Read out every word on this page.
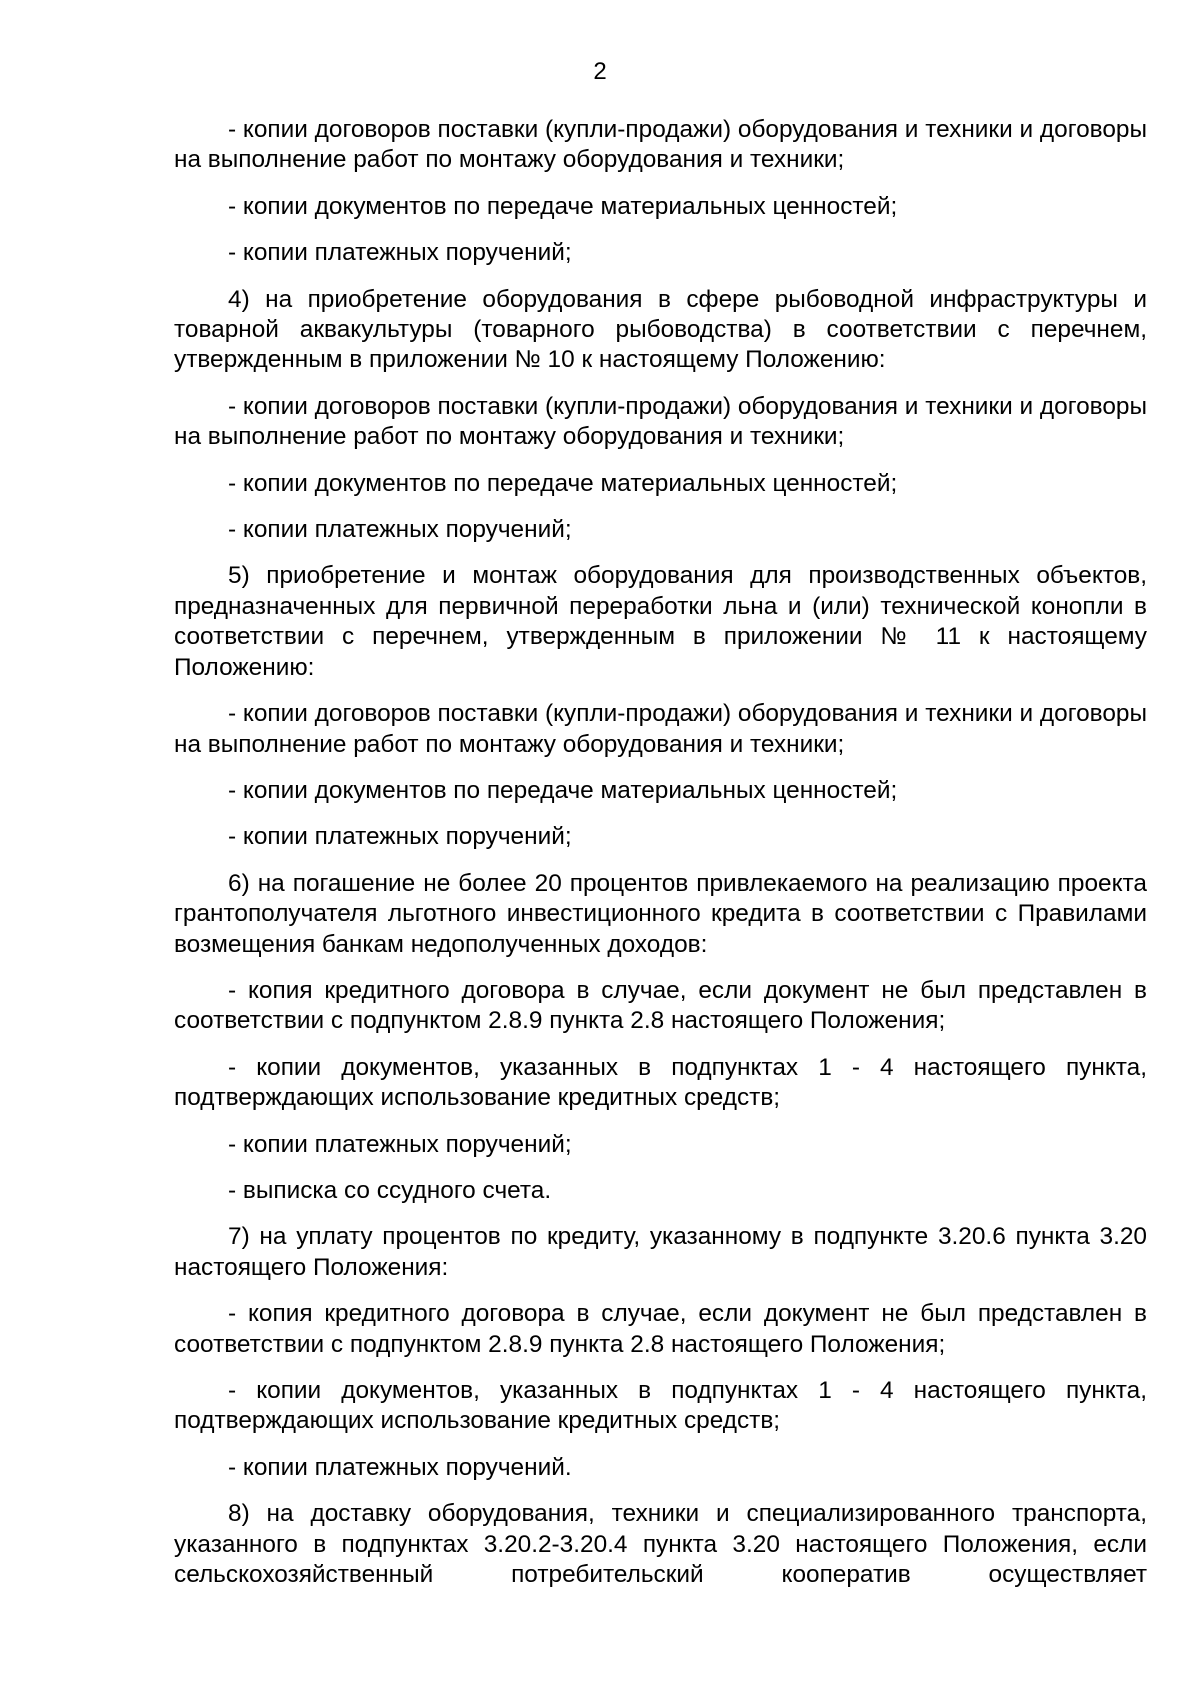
2

- копии договоров поставки (купли-продажи) оборудования и техники и договоры на выполнение работ по монтажу оборудования и техники;

- копии документов по передаче материальных ценностей;

- копии платежных поручений;

4) на приобретение оборудования в сфере рыбоводной инфраструктуры и товарной аквакультуры (товарного рыбоводства) в соответствии с перечнем, утвержденным в приложении № 10 к настоящему Положению:

- копии договоров поставки (купли-продажи) оборудования и техники и договоры на выполнение работ по монтажу оборудования и техники;

- копии документов по передаче материальных ценностей;

- копии платежных поручений;

5) приобретение и монтаж оборудования для производственных объектов, предназначенных для первичной переработки льна и (или) технической конопли в соответствии с перечнем, утвержденным в приложении № 11 к настоящему Положению:

- копии договоров поставки (купли-продажи) оборудования и техники и договоры на выполнение работ по монтажу оборудования и техники;

- копии документов по передаче материальных ценностей;

- копии платежных поручений;

6) на погашение не более 20 процентов привлекаемого на реализацию проекта грантополучателя льготного инвестиционного кредита в соответствии с Правилами возмещения банкам недополученных доходов:

- копия кредитного договора в случае, если документ не был представлен в соответствии с подпунктом 2.8.9 пункта 2.8 настоящего Положения;

- копии документов, указанных в подпунктах 1 - 4 настоящего пункта, подтверждающих использование кредитных средств;

- копии платежных поручений;

- выписка со ссудного счета.

7) на уплату процентов по кредиту, указанному в подпункте 3.20.6 пункта 3.20 настоящего Положения:

- копия кредитного договора в случае, если документ не был представлен в соответствии с подпунктом 2.8.9 пункта 2.8 настоящего Положения;

- копии документов, указанных в подпунктах 1 - 4 настоящего пункта, подтверждающих использование кредитных средств;

- копии платежных поручений.

8) на доставку оборудования, техники и специализированного транспорта, указанного в подпунктах 3.20.2-3.20.4 пункта 3.20 настоящего Положения, если сельскохозяйственный потребительский кооператив осуществляет
